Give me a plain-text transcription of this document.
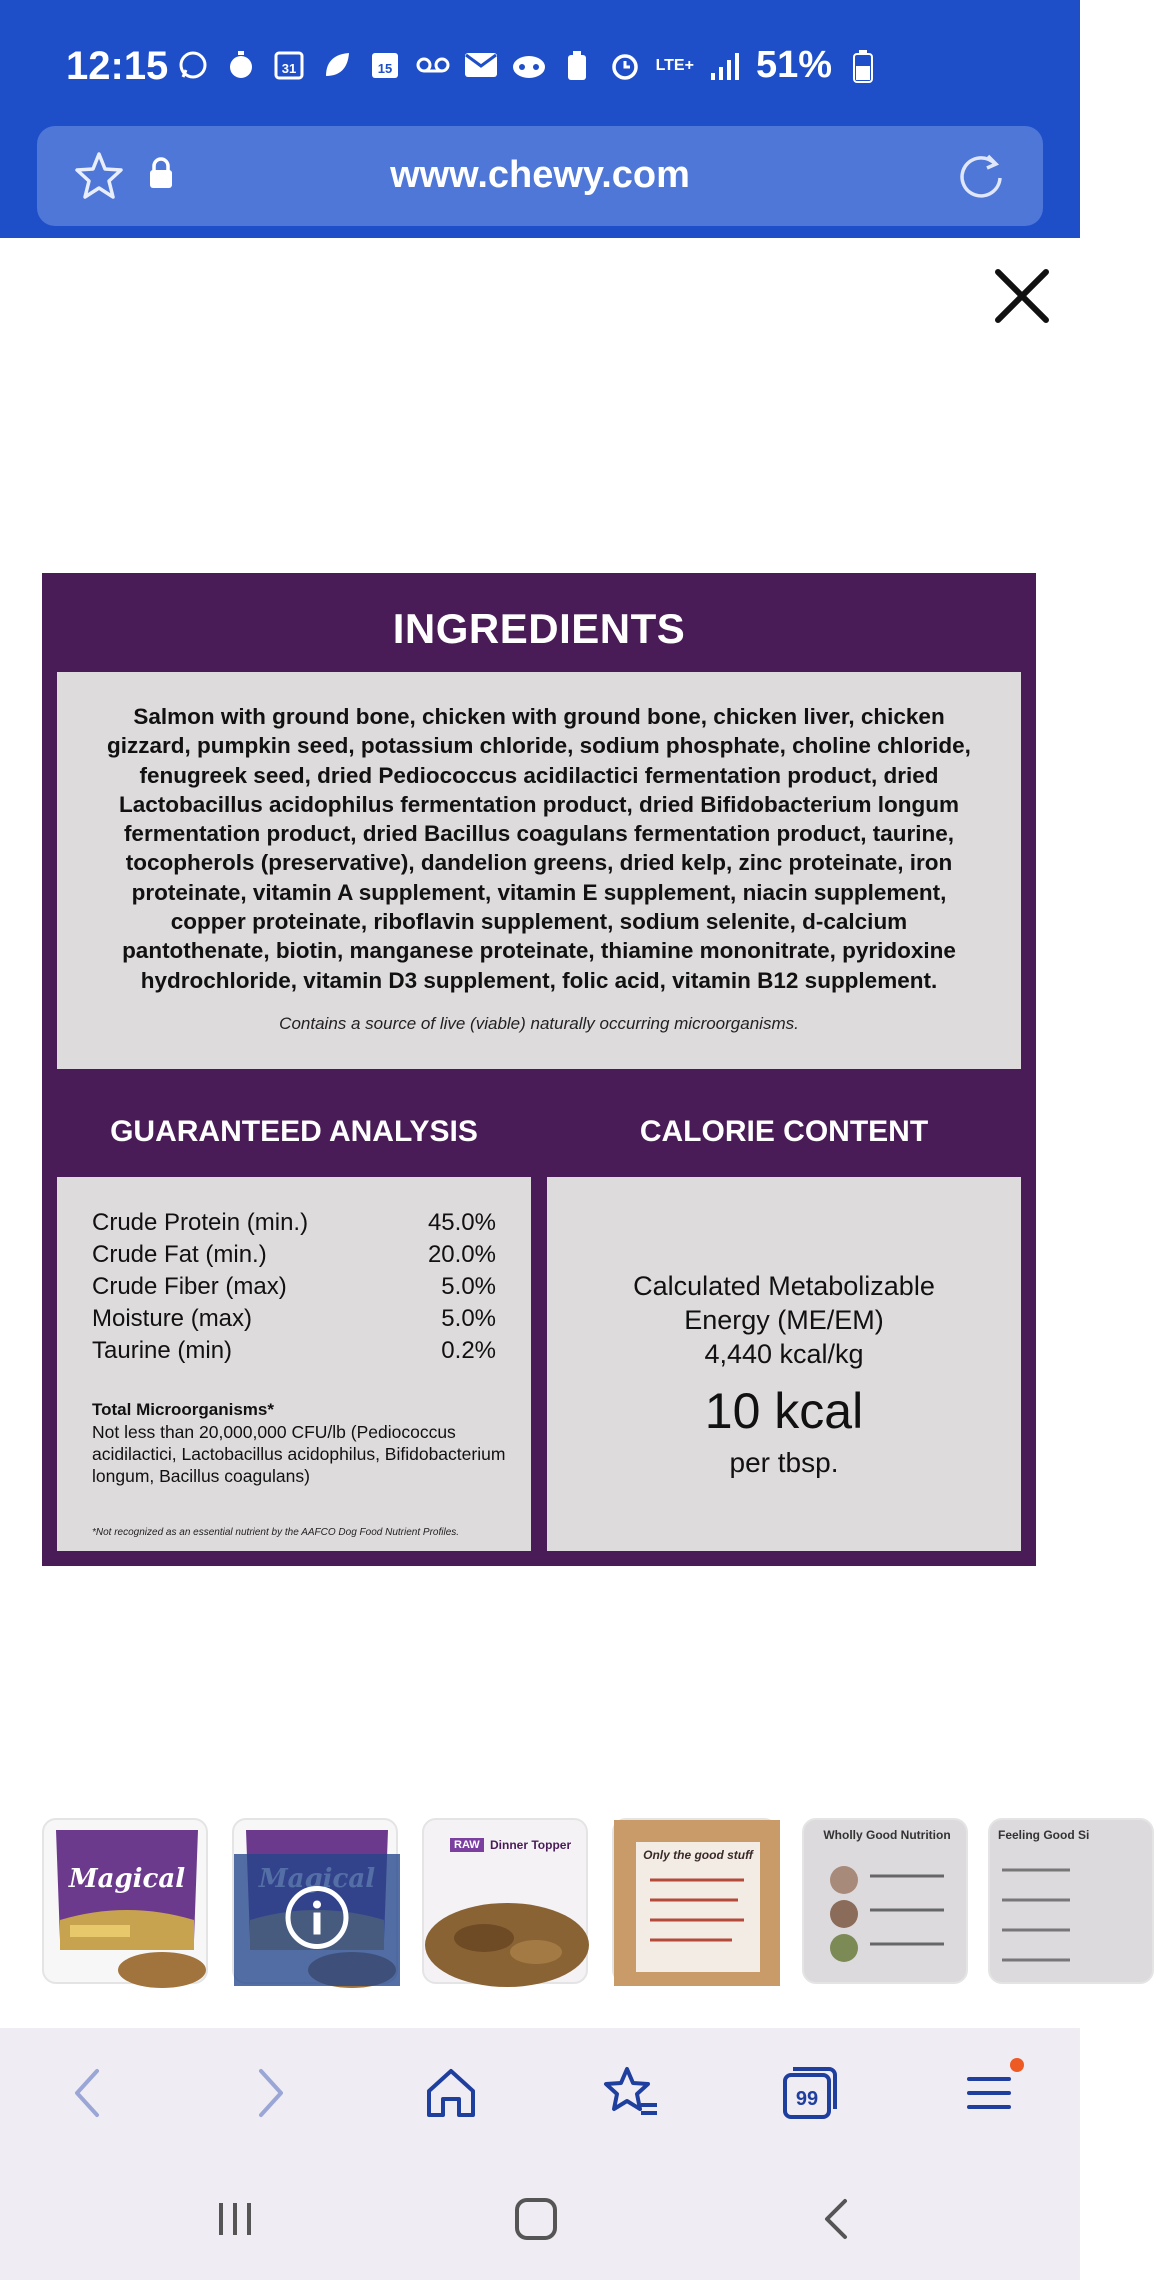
12:15	31	15	LTE+ 51%
www.chewy.com
INGREDIENTS
Salmon with ground bone, chicken with ground bone, chicken liver, chicken gizzard, pumpkin seed, potassium chloride, sodium phosphate, choline chloride, fenugreek seed, dried Pediococcus acidilactici fermentation product, dried Lactobacillus acidophilus fermentation product, dried Bifidobacterium longum fermentation product, dried Bacillus coagulans fermentation product, taurine, tocopherols (preservative), dandelion greens, dried kelp, zinc proteinate, iron proteinate, vitamin A supplement, vitamin E supplement, niacin supplement, copper proteinate, riboflavin supplement, sodium selenite, d-calcium pantothenate, biotin, manganese proteinate, thiamine mononitrate, pyridoxine hydrochloride, vitamin D3 supplement, folic acid, vitamin B12 supplement.
Contains a source of live (viable) naturally occurring microorganisms.
GUARANTEED ANALYSIS	CALORIE CONTENT
Crude Protein (min.)	45.0%
Crude Fat (min.)	20.0%
Crude Fiber (max)	5.0%
Moisture (max)	5.0%
Taurine (min)	0.2%
Total Microorganisms*
Not less than 20,000,000 CFU/lb (Pediococcus acidilactici, Lactobacillus acidophilus, Bifidobacterium longum, Bacillus coagulans)
*Not recognized as an essential nutrient by the AAFCO Dog Food Nutrient Profiles.
Calculated Metabolizable
Energy (ME/EM)
4,440 kcal/kg
10 kcal
per tbsp.
Magical
RAW Dinner Topper
Only the good stuff
Wholly Good Nutrition	Feeling Good Si
99
